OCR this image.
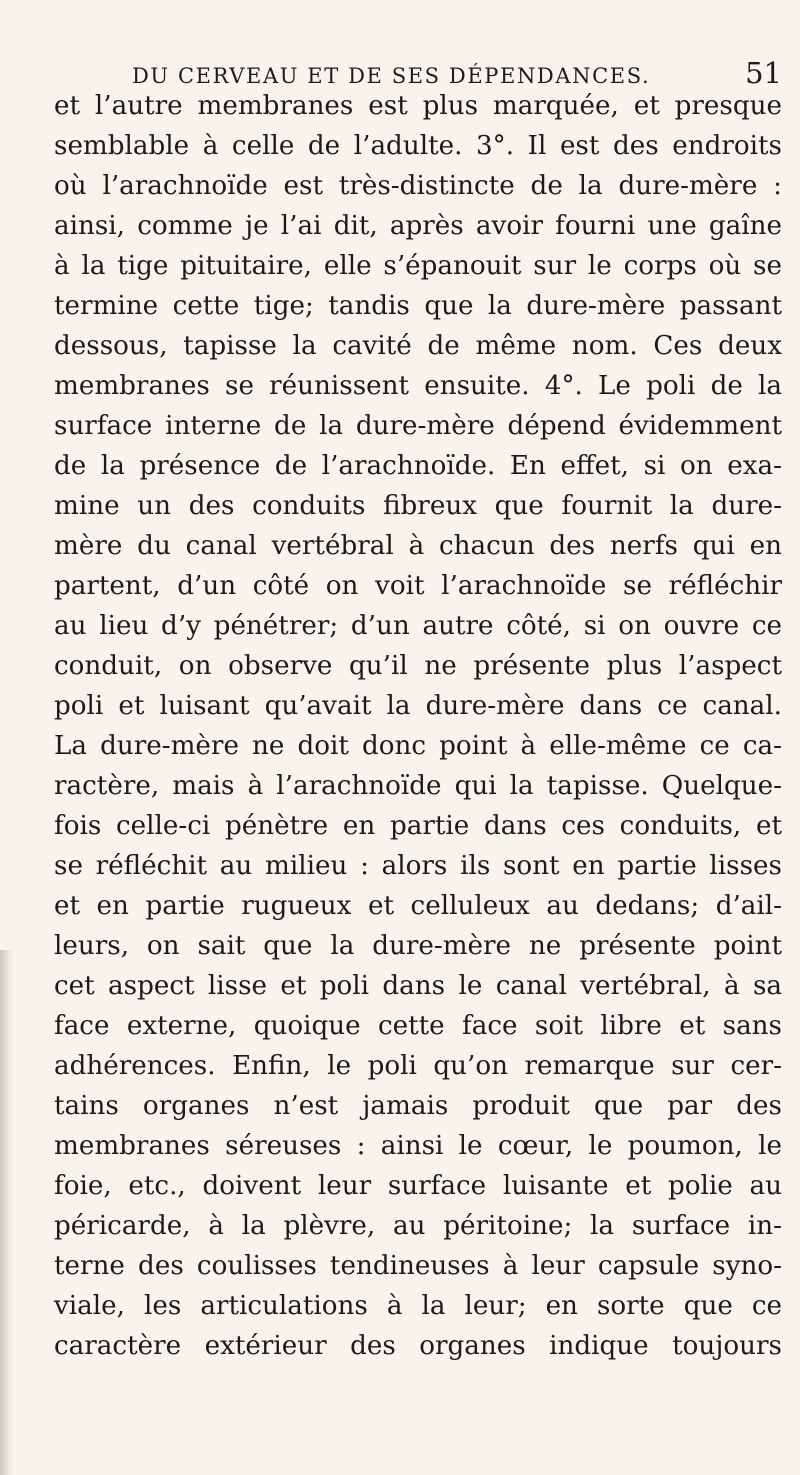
DU CERVEAU ET DE SES DÉPENDANCES.	51
et l’autre membranes est plus marquée, et presque
semblable à celle de l’adulte. 3°. Il est des endroits
où l’arachnoïde est très-distincte de la dure-mère :
ainsi, comme je l’ai dit, après avoir fourni une gaîne
à la tige pituitaire, elle s’épanouit sur le corps où se
termine cette tige; tandis que la dure-mère passant
dessous, tapisse la cavité de même nom. Ces deux
membranes se réunissent ensuite. 4°. Le poli de la
surface interne de la dure-mère dépend évidemment
de la présence de l’arachnoïde. En effet, si on exa-
mine un des conduits fibreux que fournit la dure-
mère du canal vertébral à chacun des nerfs qui en
partent, d’un côté on voit l’arachnoïde se réfléchir
au lieu d’y pénétrer; d’un autre côté, si on ouvre ce
conduit, on observe qu’il ne présente plus l’aspect
poli et luisant qu’avait la dure-mère dans ce canal.
La dure-mère ne doit donc point à elle-même ce ca-
ractère, mais à l’arachnoïde qui la tapisse. Quelque-
fois celle-ci pénètre en partie dans ces conduits, et
se réfléchit au milieu : alors ils sont en partie lisses
et en partie rugueux et celluleux au dedans; d’ail-
leurs, on sait que la dure-mère ne présente point
cet aspect lisse et poli dans le canal vertébral, à sa
face externe, quoique cette face soit libre et sans
adhérences. Enfin, le poli qu’on remarque sur cer-
tains organes n’est jamais produit que par des
membranes séreuses : ainsi le cœur, le poumon, le
foie, etc., doivent leur surface luisante et polie au
péricarde, à la plèvre, au péritoine; la surface in-
terne des coulisses tendineuses à leur capsule syno-
viale, les articulations à la leur; en sorte que ce
caractère extérieur des organes indique toujours
